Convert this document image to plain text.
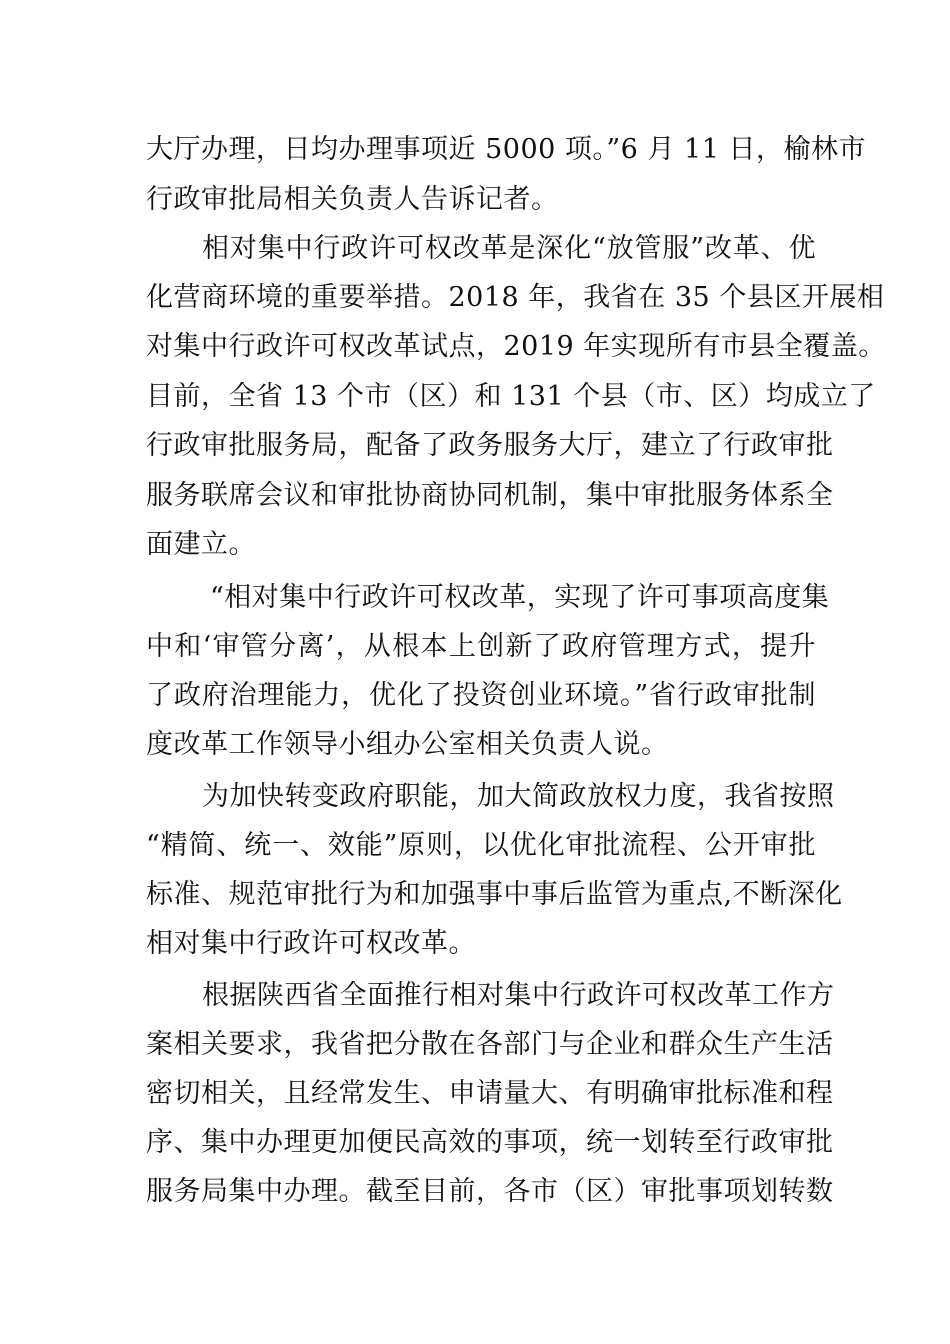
大厅办理，日均办理事项近 5000 项。”6 月 11 日，榆林市
行政审批局相关负责人告诉记者。
相对集中行政许可权改革是深化“放管服”改革、优
化营商环境的重要举措。2018 年，我省在 35 个县区开展相
对集中行政许可权改革试点，2019 年实现所有市县全覆盖。
目前，全省 13 个市（区）和 131 个县（市、区）均成立了
行政审批服务局，配备了政务服务大厅，建立了行政审批
服务联席会议和审批协商协同机制，集中审批服务体系全
面建立。
“相对集中行政许可权改革，实现了许可事项高度集
中和‘审管分离’，从根本上创新了政府管理方式，提升
了政府治理能力，优化了投资创业环境。”省行政审批制
度改革工作领导小组办公室相关负责人说。
为加快转变政府职能，加大简政放权力度，我省按照
“精简、统一、效能”原则，以优化审批流程、公开审批
标准、规范审批行为和加强事中事后监管为重点,不断深化
相对集中行政许可权改革。
根据陕西省全面推行相对集中行政许可权改革工作方
案相关要求，我省把分散在各部门与企业和群众生产生活
密切相关，且经常发生、申请量大、有明确审批标准和程
序、集中办理更加便民高效的事项，统一划转至行政审批
服务局集中办理。截至目前，各市（区）审批事项划转数
